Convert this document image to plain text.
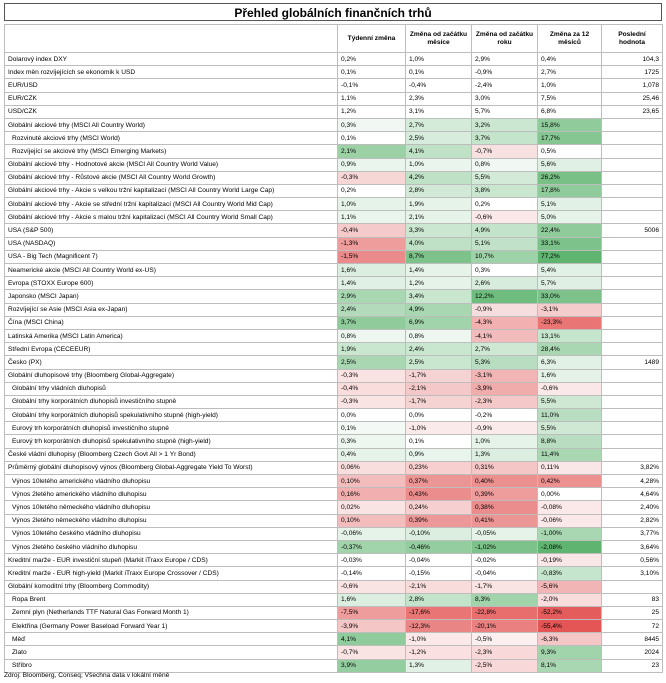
Přehled globálních finančních trhů
	Týdenní změna	Změna od začátku měsíce	Změna od začátku roku	Změna za 12 měsíců	Poslední hodnota
Dolarový index DXY	0,2%	1,0%	2,9%	0,4%	104,3
Index měn rozvíjejících se ekonomik k USD	0,1%	0,1%	-0,9%	2,7%	1725
EUR/USD	-0,1%	-0,4%	-2,4%	1,0%	1,078
EUR/CZK	1,1%	2,3%	3,0%	7,5%	25,46
USD/CZK	1,2%	3,1%	5,7%	6,8%	23,65
Globální akciové trhy (MSCI All Country World)	0,3%	2,7%	3,2%	15,8%	
Rozvinuté akciové trhy (MSCI World)	0,1%	2,5%	3,7%	17,7%	
Rozvíjející se akciové trhy (MSCI Emerging Markets)	2,1%	4,1%	-0,7%	0,5%	
Globální akciové trhy - Hodnotové akcie (MSCI All Country World Value)	0,9%	1,0%	0,8%	5,6%	
Globální akciové trhy - Růstové akcie (MSCI All Country World Growth)	-0,3%	4,2%	5,5%	26,2%	
Globální akciové trhy - Akcie s velkou tržní kapitalizací (MSCI All Country World Large Cap)	0,2%	2,8%	3,8%	17,8%	
Globální akciové trhy - Akcie se střední tržní kapitalizací (MSCI All Country World Mid Cap)	1,0%	1,9%	0,2%	5,1%	
Globální akciové trhy - Akcie s malou tržní kapitalizací (MSCI All Country World Small Cap)	1,1%	2,1%	-0,6%	5,0%	
USA (S&P 500)	-0,4%	3,3%	4,9%	22,4%	5006
USA (NASDAQ)	-1,3%	4,0%	5,1%	33,1%	
USA - Big Tech (Magnificent 7)	-1,5%	8,7%	10,7%	77,2%	
Neamerické akcie (MSCI All Country World ex-US)	1,6%	1,4%	0,3%	5,4%	
Evropa (STOXX Europe 600)	1,4%	1,2%	2,6%	5,7%	
Japonsko (MSCI Japan)	2,9%	3,4%	12,2%	33,0%	
Rozvíjející se Asie (MSCI Asia ex-Japan)	2,4%	4,9%	-0,9%	-3,1%	
Čína (MSCI China)	3,7%	6,9%	-4,3%	-23,3%	
Latinská Amerika (MSCI Latin America)	0,8%	0,8%	-4,1%	13,1%	
Střední Evropa (CECEEUR)	1,9%	2,4%	2,7%	28,4%	
Česko (PX)	2,5%	2,5%	5,3%	6,3%	1489
Globální dluhopisové trhy (Bloomberg Global-Aggregate)	-0,3%	-1,7%	-3,1%	1,6%	
Globální trhy vládních dluhopisů	-0,4%	-2,1%	-3,9%	-0,6%	
Globální trhy korporátních dluhopisů investičního stupně	-0,3%	-1,7%	-2,3%	5,5%	
Globální trhy korporátních dluhopisů spekulativního stupně (high-yield)	0,0%	0,0%	-0,2%	11,0%	
Eurový trh korporátních dluhopisů investičního stupně	0,1%	-1,0%	-0,9%	5,5%	
Eurový trh korporátních dluhopisů spekulativního stupně (high-yield)	0,3%	0,1%	1,0%	8,8%	
České vládní dluhopisy (Bloomberg Czech Govt All > 1 Yr Bond)	0,4%	0,9%	1,3%	11,4%	
Průměrný globální dluhopisový výnos (Bloomberg Global-Aggregate Yield To Worst)	0,06%	0,23%	0,31%	0,11%	3,82%
Výnos 10letého amerického vládního dluhopisu	0,10%	0,37%	0,40%	0,42%	4,28%
Výnos 2letého amerického vládního dluhopisu	0,16%	0,43%	0,39%	0,00%	4,64%
Výnos 10letého německého vládního dluhopisu	0,02%	0,24%	0,38%	-0,08%	2,40%
Výnos 2letého německého vládního dluhopisu	0,10%	0,39%	0,41%	-0,06%	2,82%
Výnos 10letého českého vládního dluhopisu	-0,06%	-0,10%	-0,05%	-1,00%	3,77%
Výnos 2letého českého vládního dluhopisu	-0,37%	-0,46%	-1,02%	-2,08%	3,64%
Kreditní marže - EUR investiční stupeň (Markit iTraxx Europe / CDS)	-0,03%	-0,04%	-0,02%	-0,19%	0,56%
Kreditní marže - EUR high-yield (Markit iTraxx Europe Crossover / CDS)	-0,14%	-0,15%	-0,04%	-0,83%	3,10%
Globální komoditní trhy (Bloomberg Commodity)	-0,6%	-2,1%	-1,7%	-5,6%	
Ropa Brent	1,6%	2,8%	8,3%	-2,0%	83
Zemní plyn (Netherlands TTF Natural Gas Forward Month 1)	-7,5%	-17,6%	-22,8%	-52,2%	25
Elektřina (Germany Power Baseload Forward Year 1)	-3,9%	-12,3%	-20,1%	-55,4%	72
Měď	4,1%	-1,0%	-0,5%	-6,3%	8445
Zlato	-0,7%	-1,2%	-2,3%	9,3%	2024
Stříbro	3,9%	1,3%	-2,5%	8,1%	23
Zdroj: Bloomberg, Conseq; Všechna data v lokální měně
